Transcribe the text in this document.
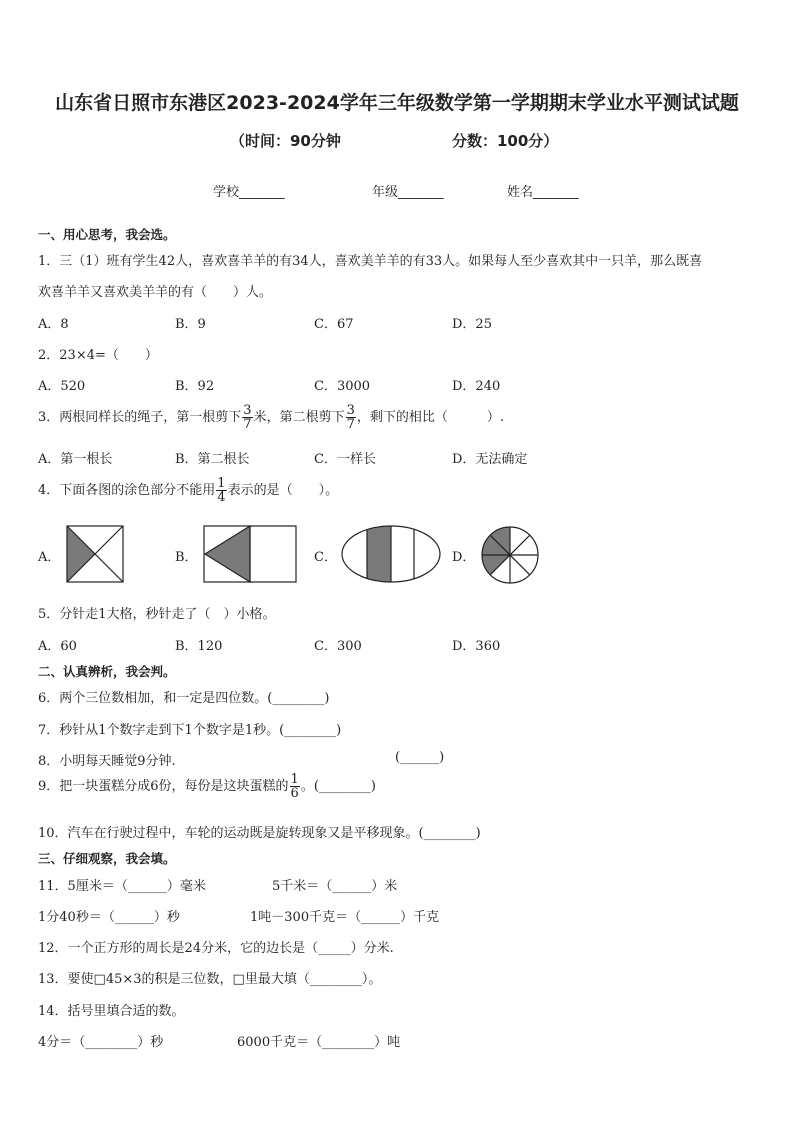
山东省日照市东港区2023-2024学年三年级数学第一学期期末学业水平测试试题
（时间：90分钟	分数：100分）
学校_______	年级_______	姓名_______
一、用心思考，我会选。
1．三（1）班有学生42人，喜欢喜羊羊的有34人，喜欢美羊羊的有33人。如果每人至少喜欢其中一只羊，那么既喜
欢喜羊羊又喜欢美羊羊的有（　　）人。
A．8	B．9	C．67	D．25
2．23×4=（　　）
A．520	B．92	C．3000	D．240
3．两根同样长的绳子，第一根剪下 $\frac{3}{7}$ 米，第二根剪下 $\frac{3}{7}$ ，剩下的相比（　　　）.
A．第一根长	B．第二根长	C．一样长	D．无法确定
4．下面各图的涂色部分不能用 $\frac{1}{4}$ 表示的是（　　）。
A．	B．	C．	D．
5．分针走1大格，秒针走了（　）小格。
A．60	B．120	C．300	D．360
二、认真辨析，我会判。
6．两个三位数相加，和一定是四位数。(________)
7．秒针从1个数字走到下1个数字是1秒。(________)
8．小明每天睡觉9分钟.	(______)
9．把一块蛋糕分成6份，每份是这块蛋糕的 $\frac{1}{6}$ 。(________)
10．汽车在行驶过程中，车轮的运动既是旋转现象又是平移现象。(________)
三、仔细观察，我会填。
11．5厘米＝（______）毫米	5千米＝（______）米
1分40秒＝（______）秒	1吨－300千克＝（______）千克
12．一个正方形的周长是24分米，它的边长是（_____）分米.
13．要使□45×3的积是三位数，□里最大填（________）。
14．括号里填合适的数。
4分＝（________）秒	6000千克＝（________）吨
